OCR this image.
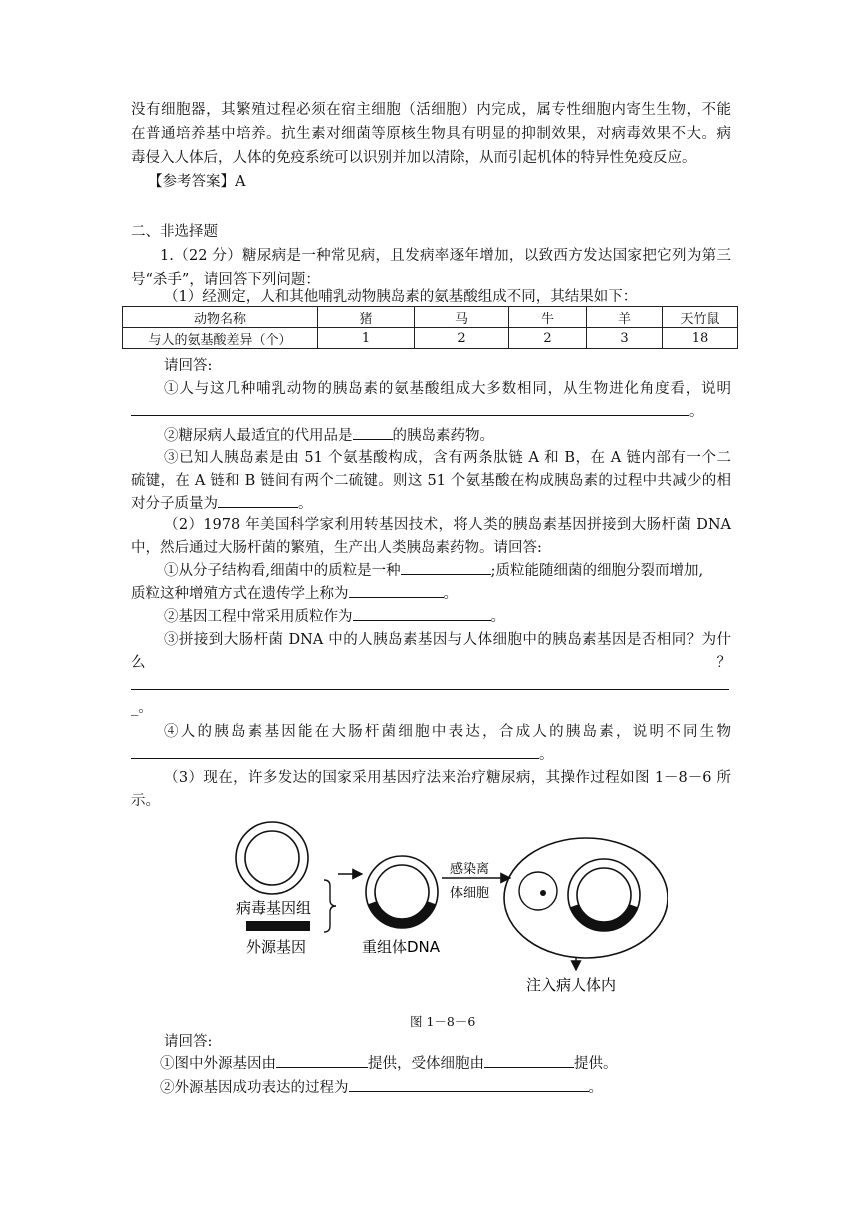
没有细胞器，其繁殖过程必须在宿主细胞（活细胞）内完成，属专性细胞内寄生生物，不能
在普通培养基中培养。抗生素对细菌等原核生物具有明显的抑制效果，对病毒效果不大。病
毒侵入人体后，人体的免疫系统可以识别并加以清除，从而引起机体的特异性免疫反应。
【参考答案】A
二、非选择题
1.（22 分）糖尿病是一种常见病，且发病率逐年增加，以致西方发达国家把它列为第三
号“杀手”，请回答下列问题：
（1）经测定，人和其他哺乳动物胰岛素的氨基酸组成不同，其结果如下：
动物名称	猪	马	牛	羊	天竹鼠
与人的氨基酸差异（个）	1	2	2	3	18
请回答:
①人与这几种哺乳动物的胰岛素的氨基酸组成大多数相同，从生物进化角度看，说明
。
②糖尿病人最适宜的代用品是	的胰岛素药物。
③已知人胰岛素是由 51 个氨基酸构成，含有两条肽链 A 和 B，在 A 链内部有一个二
硫键，在 A 链和 B 链间有两个二硫键。则这 51 个氨基酸在构成胰岛素的过程中共减少的相
对分子质量为	。
（2）1978 年美国科学家利用转基因技术，将人类的胰岛素基因拼接到大肠杆菌 DNA
中，然后通过大肠杆菌的繁殖，生产出人类胰岛素药物。请回答:
①从分子结构看,细菌中的质粒是一种	;质粒能随细菌的细胞分裂而增加,
质粒这种增殖方式在遗传学上称为	。
②基因工程中常采用质粒作为	。
③拼接到大肠杆菌 DNA 中的人胰岛素基因与人体细胞中的胰岛素基因是否相同？为什
么	？
_。
④人的胰岛素基因能在大肠杆菌细胞中表达，合成人的胰岛素，说明不同生物
。
（3）现在，许多发达的国家采用基因疗法来治疗糖尿病，其操作过程如图 1－8－6 所
示。
病毒基因组
外源基因	重组体DNA
感染离
体细胞
注入病人体内
图 1－8－6
请回答:
①图中外源基因由	提供，受体细胞由	提供。
②外源基因成功表达的过程为	。
